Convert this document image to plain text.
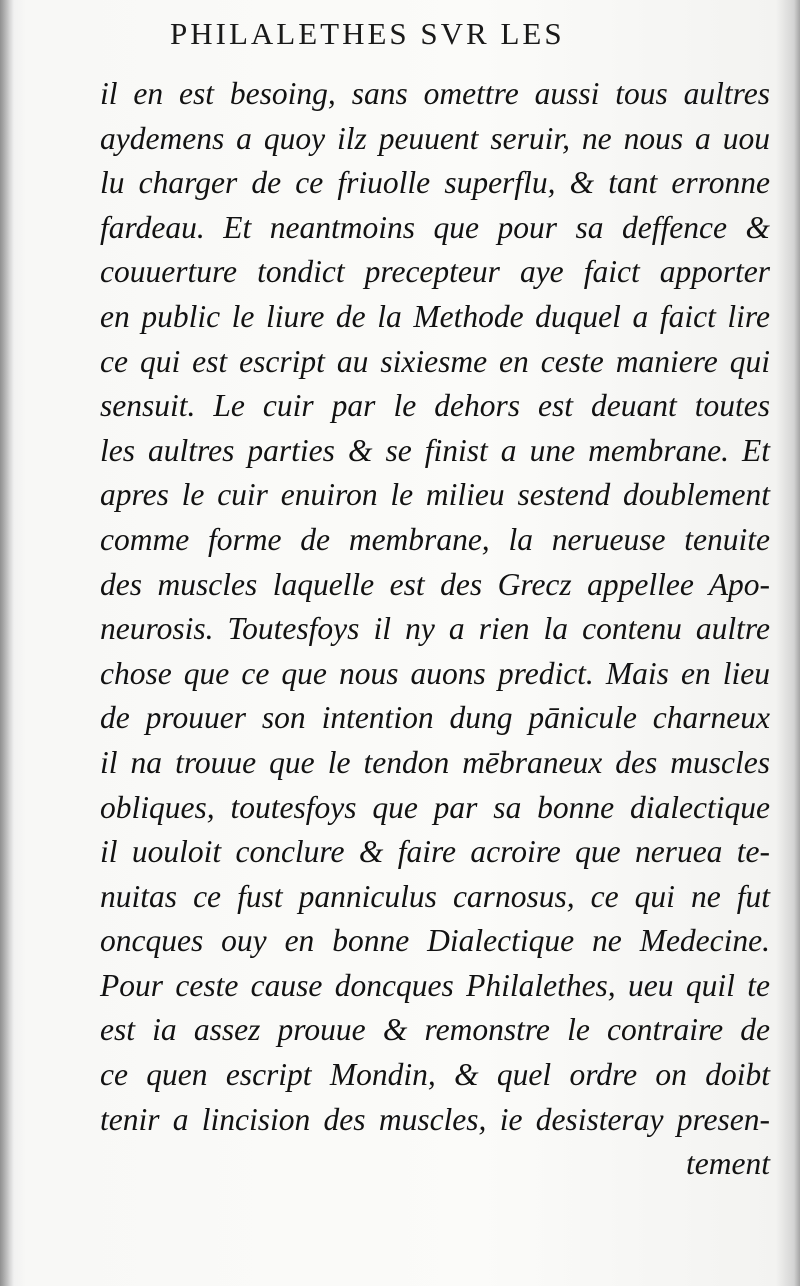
PHILALETHES SVR LES
il en est besoing, sans omettre aussi tous aultres
aydemens a quoy ilz peuuent seruir, ne nous a uou
lu charger de ce friuolle superflu, & tant erronne
fardeau. Et neantmoins que pour sa deffence &
couuerture tondict precepteur aye faict apporter
en public le liure de la Methode duquel a faict lire
ce qui est escript au sixiesme en ceste maniere qui
sensuit. Le cuir par le dehors est deuant toutes
les aultres parties & se finist a une membrane. Et
apres le cuir enuiron le milieu sestend doublement
comme forme de membrane, la nerueuse tenuite
des muscles laquelle est des Grecz appellee Apo-
neurosis. Toutesfoys il ny a rien la contenu aultre
chose que ce que nous auons predict. Mais en lieu
de prouuer son intention dung pānicule charneux
il na trouue que le tendon mēbraneux des muscles
obliques, toutesfoys que par sa bonne dialectique
il uouloit conclure & faire acroire que neruea te-
nuitas ce fust panniculus carnosus, ce qui ne fut
oncques ouy en bonne Dialectique ne Medecine.
Pour ceste cause doncques Philalethes, ueu quil te
est ia assez prouue & remonstre le contraire de
ce quen escript Mondin, & quel ordre on doibt
tenir a lincision des muscles, ie desisteray presen-
tement
